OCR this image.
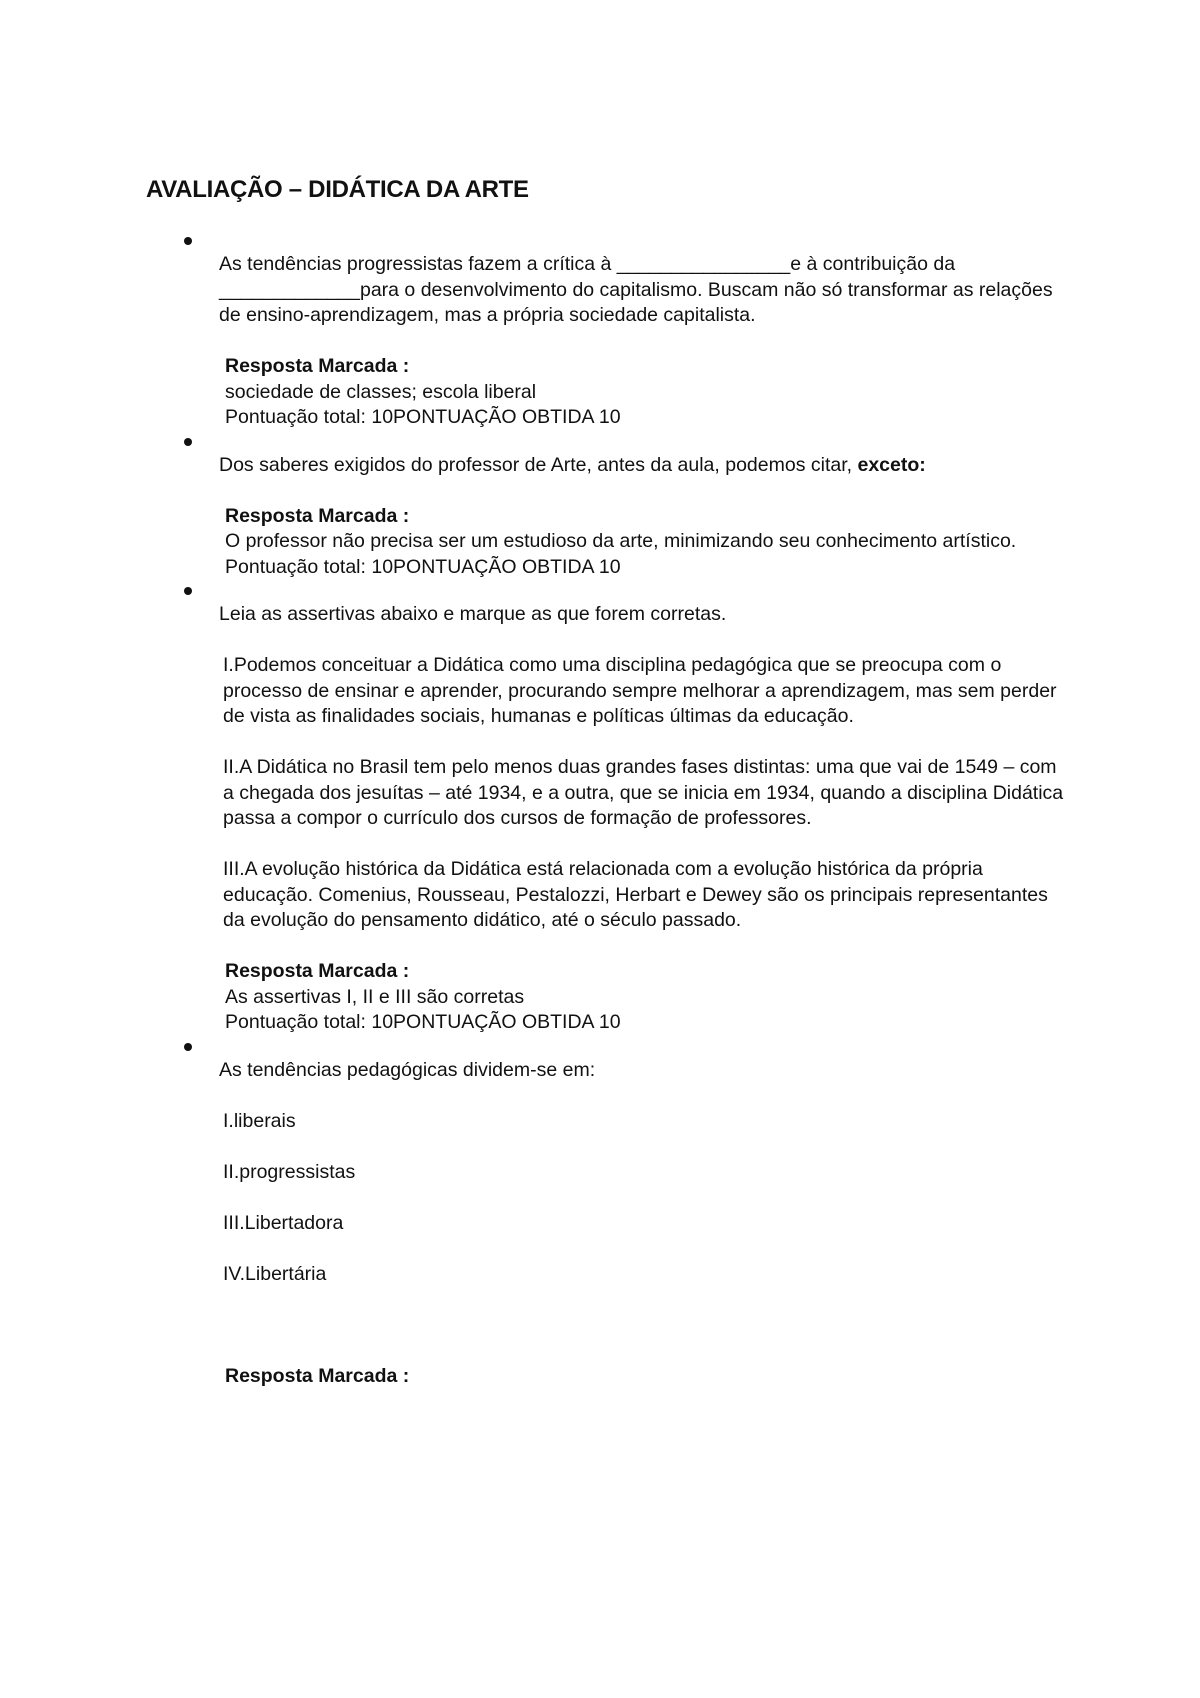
AVALIAÇÃO – DIDÁTICA DA ARTE

As tendências progressistas fazem a crítica à ________________e à contribuição da _____________para o desenvolvimento do capitalismo. Buscam não só transformar as relações de ensino-aprendizagem, mas a própria sociedade capitalista.

Resposta Marcada :
sociedade de classes; escola liberal
Pontuação total: 10PONTUAÇÃO OBTIDA 10

Dos saberes exigidos do professor de Arte, antes da aula, podemos citar, exceto:

Resposta Marcada :
O professor não precisa ser um estudioso da arte, minimizando seu conhecimento artístico.
Pontuação total: 10PONTUAÇÃO OBTIDA 10

Leia as assertivas abaixo e marque as que forem corretas.

I.Podemos conceituar a Didática como uma disciplina pedagógica que se preocupa com o processo de ensinar e aprender, procurando sempre melhorar a aprendizagem, mas sem perder de vista as finalidades sociais, humanas e políticas últimas da educação.

II.A Didática no Brasil tem pelo menos duas grandes fases distintas: uma que vai de 1549 – com a chegada dos jesuítas – até 1934, e a outra, que se inicia em 1934, quando a disciplina Didática passa a compor o currículo dos cursos de formação de professores.

III.A evolução histórica da Didática está relacionada com a evolução histórica da própria educação. Comenius, Rousseau, Pestalozzi, Herbart e Dewey são os principais representantes da evolução do pensamento didático, até o século passado.

Resposta Marcada :
As assertivas I, II e III são corretas
Pontuação total: 10PONTUAÇÃO OBTIDA 10

As tendências pedagógicas dividem-se em:

I.liberais

II.progressistas

III.Libertadora

IV.Libertária

Resposta Marcada :
